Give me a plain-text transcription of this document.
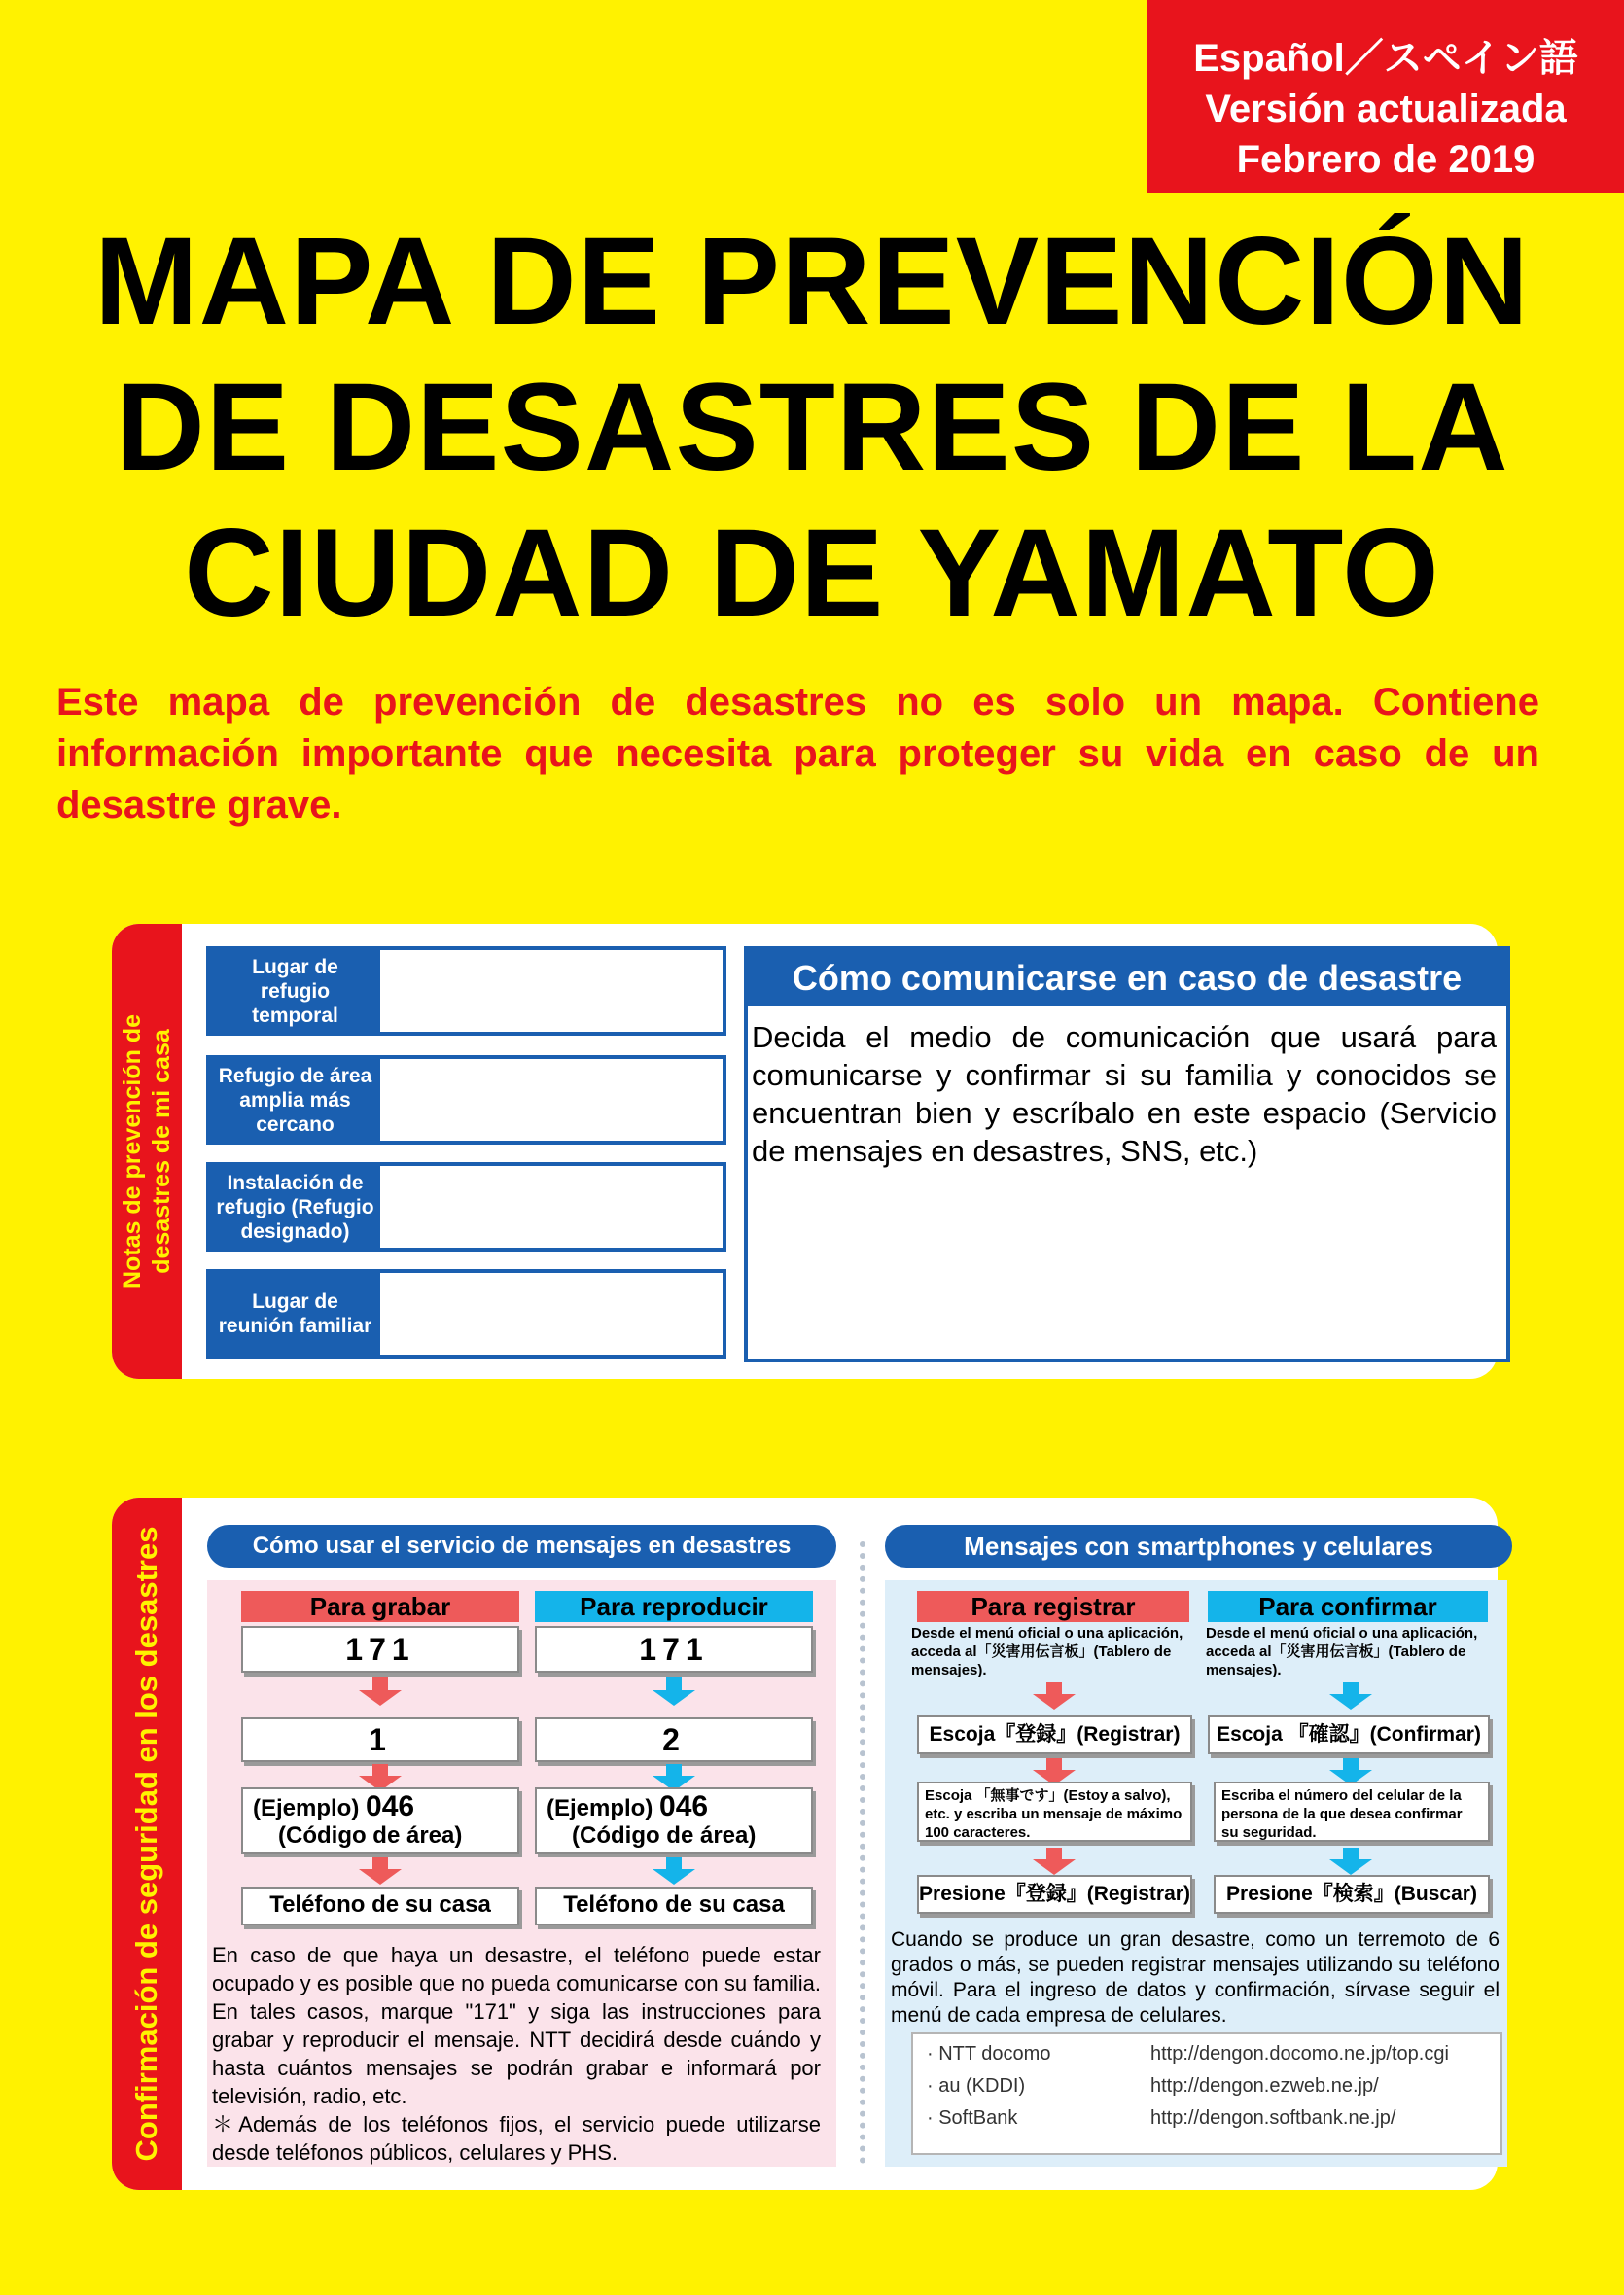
Español／スペイン語
Versión actualizada
Febrero de 2019
MAPA DE PREVENCIÓN
DE DESASTRES DE LA
CIUDAD DE YAMATO
Este mapa de prevención de desastres no es solo un mapa. Contiene información importante que necesita para proteger su vida en caso de un desastre grave.
Notas de prevención de desastres de mi casa
Lugar de refugio temporal
Refugio de área amplia más cercano
Instalación de refugio (Refugio designado)
Lugar de reunión familiar
Cómo comunicarse en caso de desastre
Decida el medio de comunicación que usará para comunicarse y confirmar si su familia y conocidos se encuentran bien y escríbalo en este espacio (Servicio de mensajes en desastres, SNS, etc.)
Confirmación de seguridad en los desastres	Cómo usar el servicio de mensajes en desastres	Mensajes con smartphones y celulares
Para grabar
171
1
(Ejemplo) 046
(Código de área)
Teléfono de su casa
Para reproducir
171
2
(Ejemplo) 046
(Código de área)
Teléfono de su casa
En caso de que haya un desastre, el teléfono puede estar ocupado y es posible que no pueda comunicarse con su familia. En tales casos, marque "171" y siga las instrucciones para grabar y reproducir el mensaje. NTT decidirá desde cuándo y hasta cuántos mensajes se podrán grabar e informará por televisión, radio, etc.
＊Además de los teléfonos fijos, el servicio puede utilizarse desde teléfonos públicos, celulares y PHS.
Para registrar
Desde el menú oficial o una aplicación, acceda al「災害用伝言板」(Tablero de mensajes).
Escoja『登録』(Registrar)
Escoja 「無事です」(Estoy a salvo), etc. y escriba un mensaje de máximo 100 caracteres.
Presione『登録』(Registrar)
Para confirmar
Desde el menú oficial o una aplicación, acceda al「災害用伝言板」(Tablero de mensajes).
Escoja 『確認』(Confirmar)
Escriba el número del celular de la persona de la que desea confirmar su seguridad.
Presione『検索』(Buscar)
Cuando se produce un gran desastre, como un terremoto de 6 grados o más, se pueden registrar mensajes utilizando su teléfono móvil. Para el ingreso de datos y confirmación, sírvase seguir el menú de cada empresa de celulares.
· NTT docomo	http://dengon.docomo.ne.jp/top.cgi
· au (KDDI)	http://dengon.ezweb.ne.jp/
· SoftBank	http://dengon.softbank.ne.jp/
